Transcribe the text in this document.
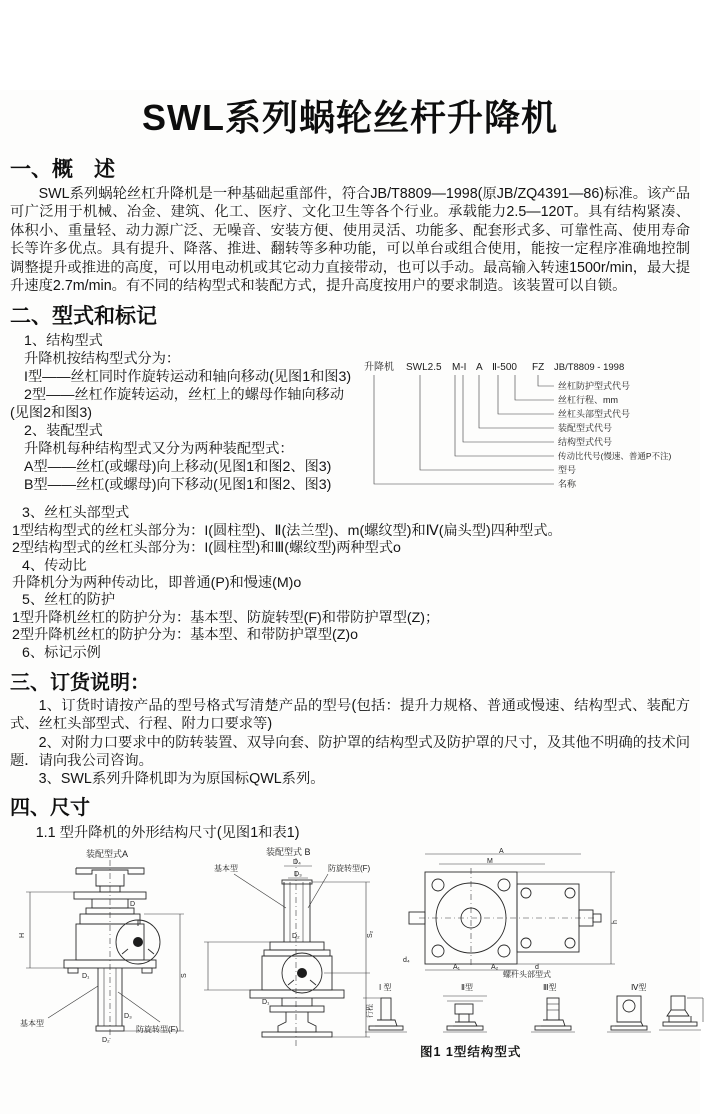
SWL系列蜗轮丝杆升降机
一、概　述

SWL系列蜗轮丝杠升降机是一种基础起重部件，符合JB/T8809—1998(原JB/ZQ4391—86)标准。该产品可广泛用于机械、冶金、建筑、化工、医疗、文化卫生等各个行业。承载能力2.5—120T。具有结构紧凑、体积小、重量轻、动力源广泛、无噪音、安装方便、使用灵活、功能多、配套形式多、可靠性高、使用寿命长等许多优点。具有提升、降落、推进、翻转等多种功能，可以单台或组合使用，能按一定程序准确地控制调整提升或推进的高度，可以用电动机或其它动力直接带动，也可以手动。最高输入转速1500r/min，最大提升速度2.7m/min。有不同的结构型式和装配方式，提升高度按用户的要求制造。该装置可以自锁。

二、型式和标记
1、结构型式
升降机按结构型式分为：
I型——丝杠同时作旋转运动和轴向移动(见图1和图3)
2型——丝杠作旋转运动，丝杠上的螺母作轴向移动(见图2和图3)
2、装配型式
升降机每种结构型式又分为两种装配型式：
A型——丝杠(或螺母)向上移动(见图1和图2、图3)
B型——丝杠(或螺母)向下移动(见图1和图2、图3)
升降机 SWL2.5 M-I A Ⅱ-500 FZ JB/T8809 - 1998
丝杠防护型式代号
丝杠行程、mm
丝杠头部型式代号
装配型式代号
结构型式代号
传动比代号(慢速、普通P不注)
型号
名称
3、丝杠头部型式
1型结构型式的丝杠头部分为：I(圆柱型)、Ⅱ(法兰型)、m(螺纹型)和Ⅳ(扁头型)四种型式。
2型结构型式的丝杠头部分为：I(圆柱型)和Ⅲ(螺纹型)两种型式o
4、传动比
升降机分为两种传动比，即普通(P)和慢速(M)o
5、丝杠的防护
1型升降机丝杠的防护分为：基本型、防旋转型(F)和带防护罩型(Z)；
2型升降机丝杠的防护分为：基本型、和带防护罩型(Z)o
6、标记示例
三、订货说明：

1、订货时请按产品的型号格式写清楚产品的型号(包括：提升力规格、普通或慢速、结构型式、装配方式、丝杠头部型式、行程、附力口要求等)

2、对附力口要求中的防转装置、双导向套、防护罩的结构型式及防护罩的尺寸，及其他不明确的技术问题．请向我公司咨询。

3、SWL系列升降机即为为原国标QWL系列。

四、尺寸

1.1 型升降机的外形结构尺寸(见图1和表1)

装配型式A
H
S
D
D₁
D₂
D₃
基本型
防旋转型(F)
装配型式 B
基本型	防旋转型(F)
D₄
D₃
D₂	S₂
行程
D₁
A
M
h
A₁	A₂	d
d₄
螺杆头部型式
I 型	Ⅱ型	Ⅲ型	Ⅳ型
图1 1型结构型式
